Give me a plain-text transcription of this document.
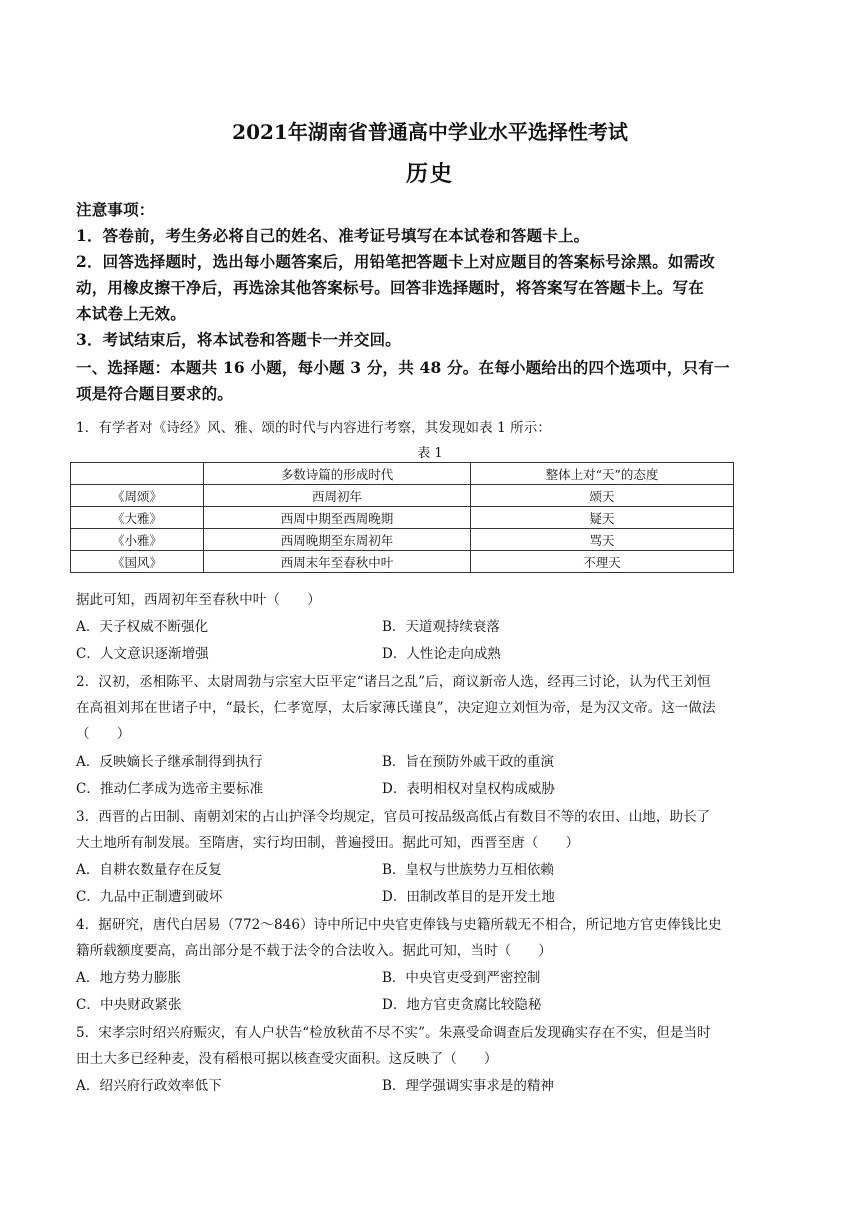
2021年湖南省普通高中学业水平选择性考试
历史
注意事项：
1．答卷前，考生务必将自己的姓名、准考证号填写在本试卷和答题卡上。
2．回答选择题时，选出每小题答案后，用铅笔把答题卡上对应题目的答案标号涂黑。如需改
动，用橡皮擦干净后，再选涂其他答案标号。回答非选择题时，将答案写在答题卡上。写在
本试卷上无效。
3．考试结束后，将本试卷和答题卡一并交回。
一、选择题：本题共 16 小题，每小题 3 分，共 48 分。在每小题给出的四个选项中，只有一
项是符合题目要求的。
1．有学者对《诗经》风、雅、颂的时代与内容进行考察，其发现如表 1 所示：
表 1
	多数诗篇的形成时代	整体上对“天”的态度
《周颂》	西周初年	颂天
《大雅》	西周中期至西周晚期	疑天
《小雅》	西周晚期至东周初年	骂天
《国风》	西周末年至春秋中叶	不理天
据此可知，西周初年至春秋中叶（　　）
A．天子权威不断强化	B．天道观持续衰落
C．人文意识逐渐增强	D．人性论走向成熟
2．汉初，丞相陈平、太尉周勃与宗室大臣平定“诸吕之乱”后，商议新帝人选，经再三讨论，认为代王刘恒
在高祖刘邦在世诸子中，“最长，仁孝宽厚，太后家薄氏谨良”，决定迎立刘恒为帝，是为汉文帝。这一做法
（　　）
A．反映嫡长子继承制得到执行	B．旨在预防外戚干政的重演
C．推动仁孝成为选帝主要标准	D．表明相权对皇权构成威胁
3．西晋的占田制、南朝刘宋的占山护泽令均规定，官员可按品级高低占有数目不等的农田、山地，助长了
大土地所有制发展。至隋唐，实行均田制，普遍授田。据此可知，西晋至唐（　　）
A．自耕农数量存在反复	B．皇权与世族势力互相依赖
C．九品中正制遭到破坏	D．田制改革目的是开发土地
4．据研究，唐代白居易（772～846）诗中所记中央官吏俸钱与史籍所载无不相合，所记地方官吏俸钱比史
籍所载额度要高，高出部分是不载于法令的合法收入。据此可知，当时（　　）
A．地方势力膨胀	B．中央官吏受到严密控制
C．中央财政紧张	D．地方官吏贪腐比较隐秘
5．宋孝宗时绍兴府赈灾，有人户状告“检放秋苗不尽不实”。朱熹受命调查后发现确实存在不实，但是当时
田土大多已经种麦，没有稻根可据以核查受灾面积。这反映了（　　）
A．绍兴府行政效率低下	B．理学强调实事求是的精神
